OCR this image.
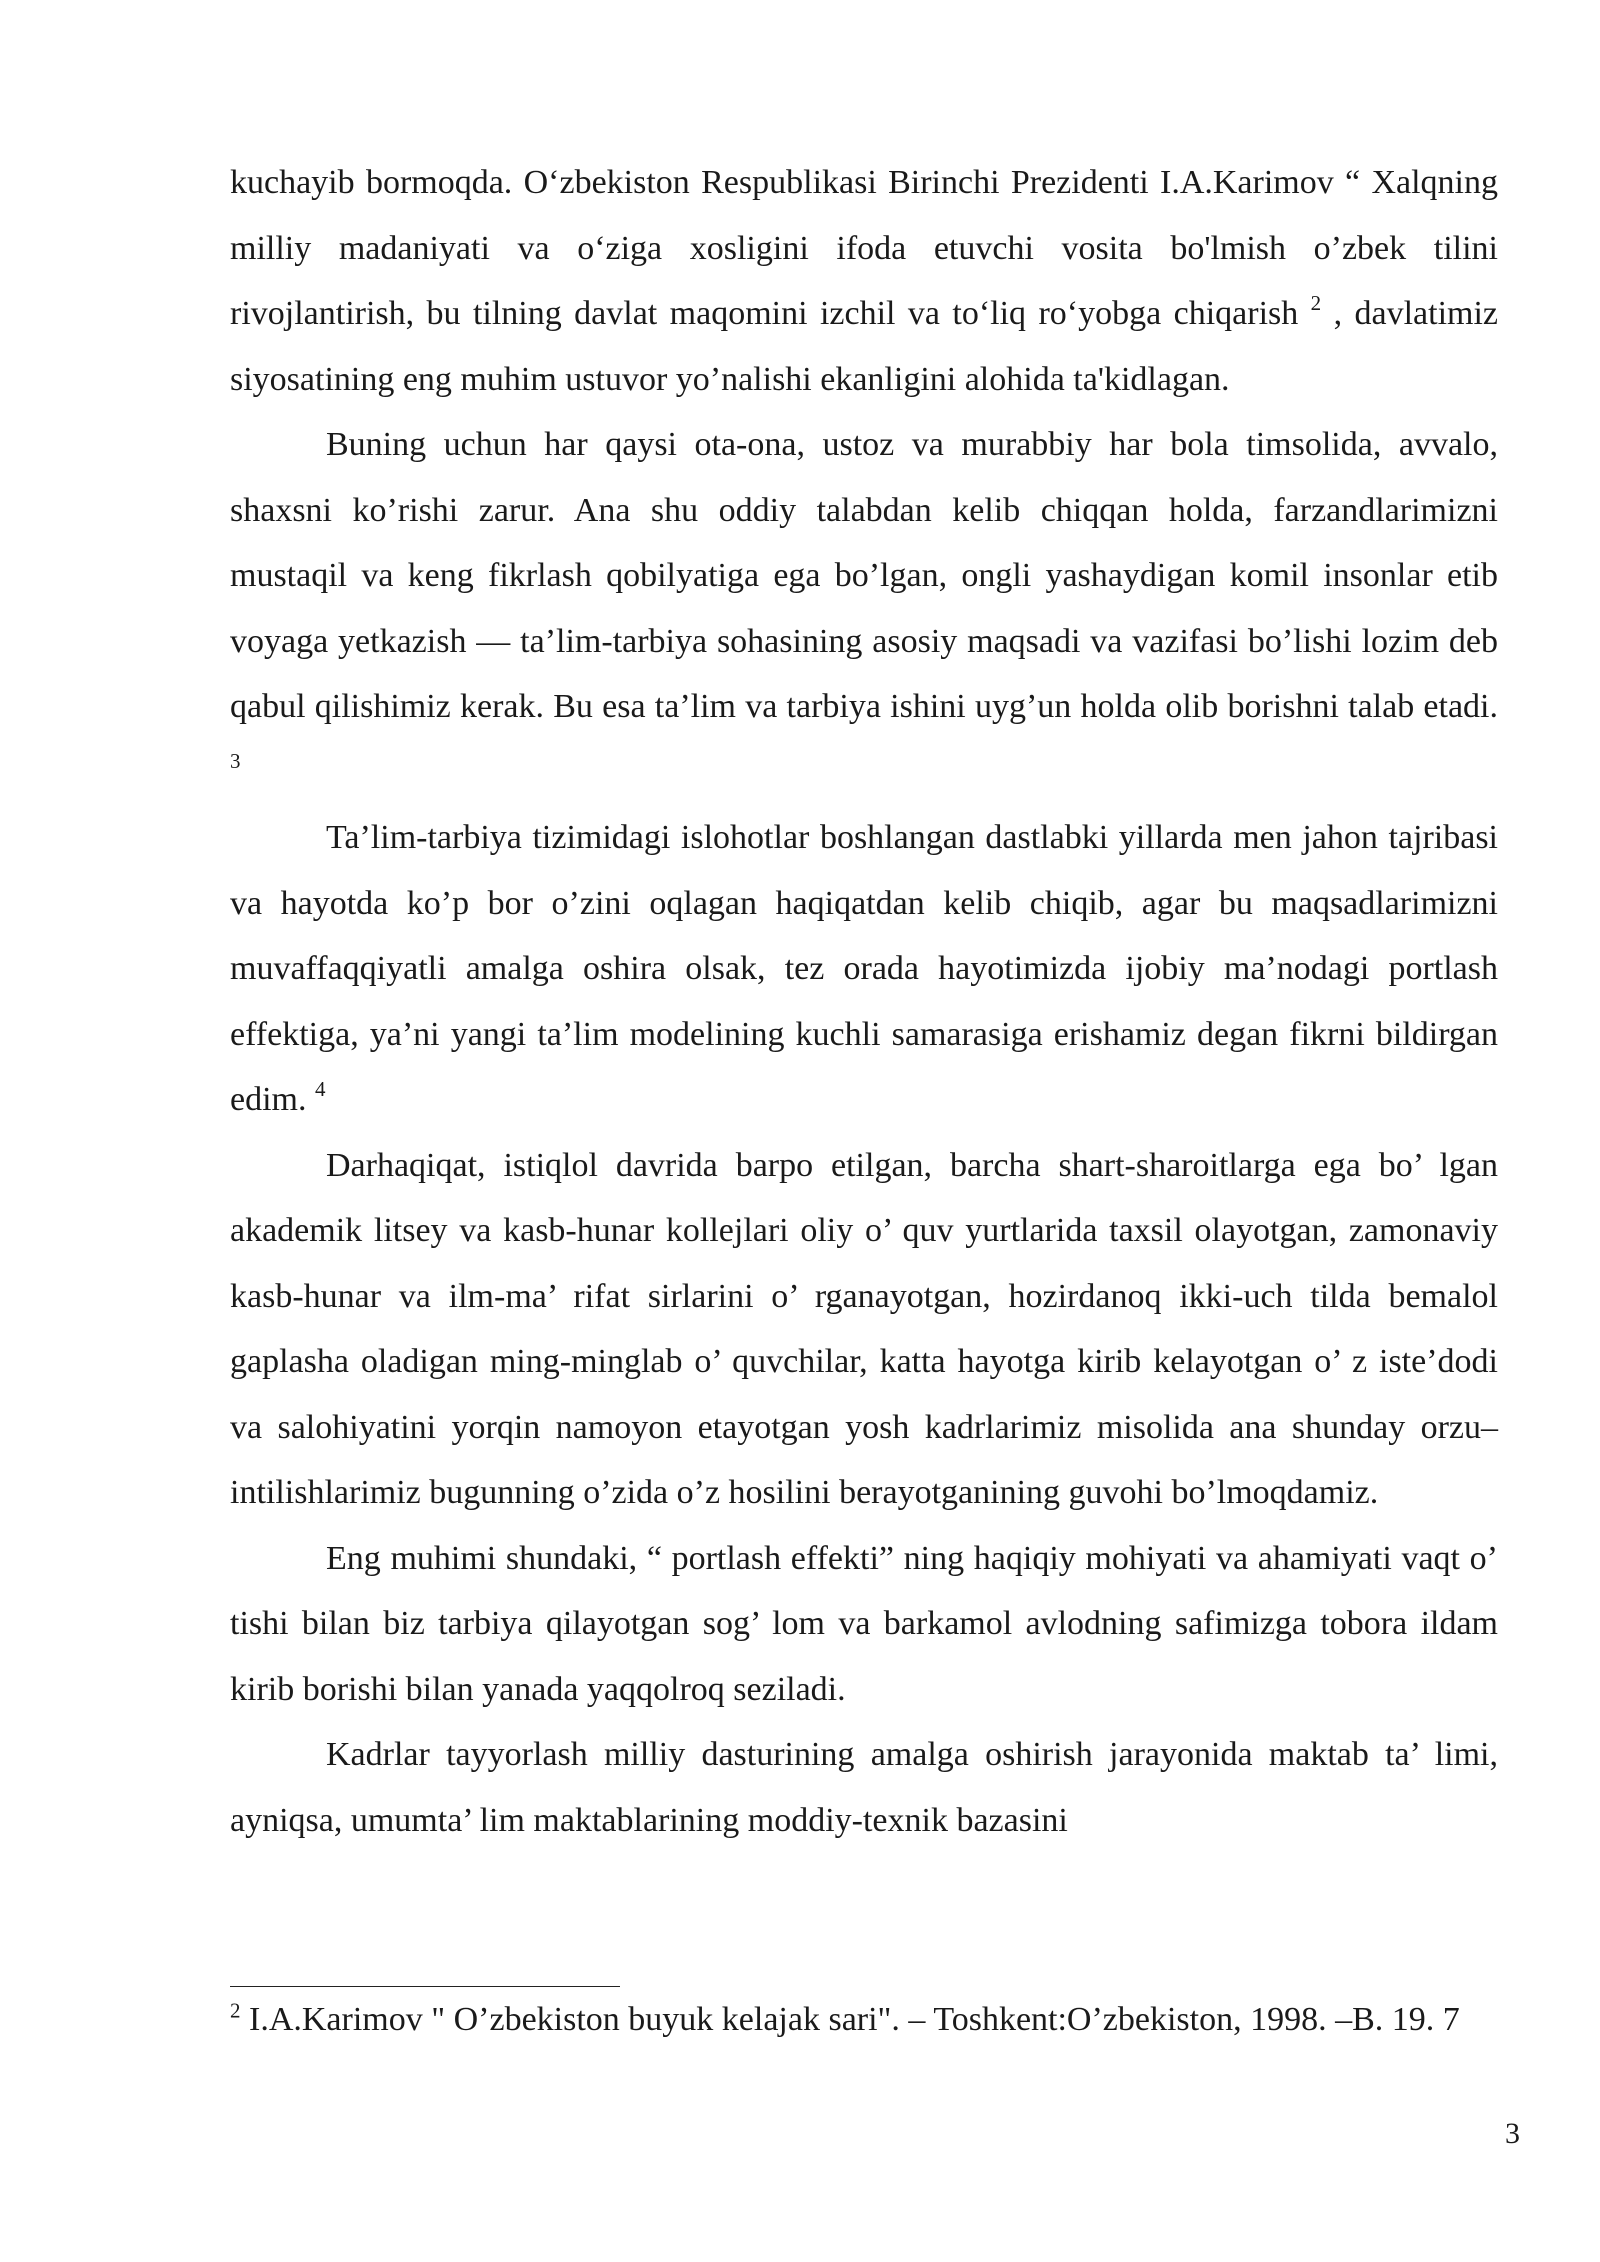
kuchayib bormoqda. O‘zbekiston Respublikasi Birinchi Prezidenti I.A.Karimov “ Xalqning milliy madaniyati va o‘ziga xosligini ifoda etuvchi vosita bo'lmish o’zbek tilini rivojlantirish, bu tilning davlat maqomini izchil va to‘liq ro‘yobga chiqarish $^2$ , davlatimiz siyosatining eng muhim ustuvor yo’nalishi ekanligini alohida ta'kidlagan.

Buning uchun har qaysi ota-ona, ustoz va murabbiy har bola timsolida, avvalo, shaxsni ko’rishi zarur. Ana shu oddiy talabdan kelib chiqqan holda, farzandlarimizni mustaqil va keng fikrlash qobilyatiga ega bo’lgan, ongli yashaydigan komil insonlar etib voyaga yetkazish — ta’lim-tarbiya sohasining asosiy maqsadi va vazifasi bo’lishi lozim deb qabul qilishimiz kerak. Bu esa ta’lim va tarbiya ishini uyg’un holda olib borishni talab etadi. $^3$

Ta’lim-tarbiya tizimidagi islohotlar boshlangan dastlabki yillarda men jahon tajribasi va hayotda ko’p bor o’zini oqlagan haqiqatdan kelib chiqib, agar bu maqsadlarimizni muvaffaqqiyatli amalga oshira olsak, tez orada hayotimizda ijobiy ma’nodagi portlash effektiga, ya’ni yangi ta’lim modelining kuchli samarasiga erishamiz degan fikrni bildirgan edim. $^4$

Darhaqiqat, istiqlol davrida barpo etilgan, barcha shart-sharoitlarga ega bo’ lgan akademik litsey va kasb-hunar kollejlari oliy o’ quv yurtlarida taxsil olayotgan, zamonaviy kasb-hunar va ilm-ma’ rifat sirlarini o’ rganayotgan, hozirdanoq ikki-uch tilda bemalol gaplasha oladigan ming-minglab o’ quvchilar, katta hayotga kirib kelayotgan o’ z iste’dodi va salohiyatini yorqin namoyon etayotgan yosh kadrlarimiz misolida ana shunday orzu– intilishlarimiz bugunning o’zida o’z hosilini berayotganining guvohi bo’lmoqdamiz.

Eng muhimi shundaki, “ portlash effekti” ning haqiqiy mohiyati va ahamiyati vaqt o’ tishi bilan biz tarbiya qilayotgan sog’ lom va barkamol avlodning safimizga tobora ildam kirib borishi bilan yanada yaqqolroq seziladi.

Kadrlar tayyorlash milliy dasturining amalga oshirish jarayonida maktab ta’ limi, ayniqsa, umumta’ lim maktablarining moddiy-texnik bazasini

$^2$ I.A.Karimov " O’zbekiston buyuk kelajak sari". – Toshkent:O’zbekiston, 1998. –B. 19. 7
3
